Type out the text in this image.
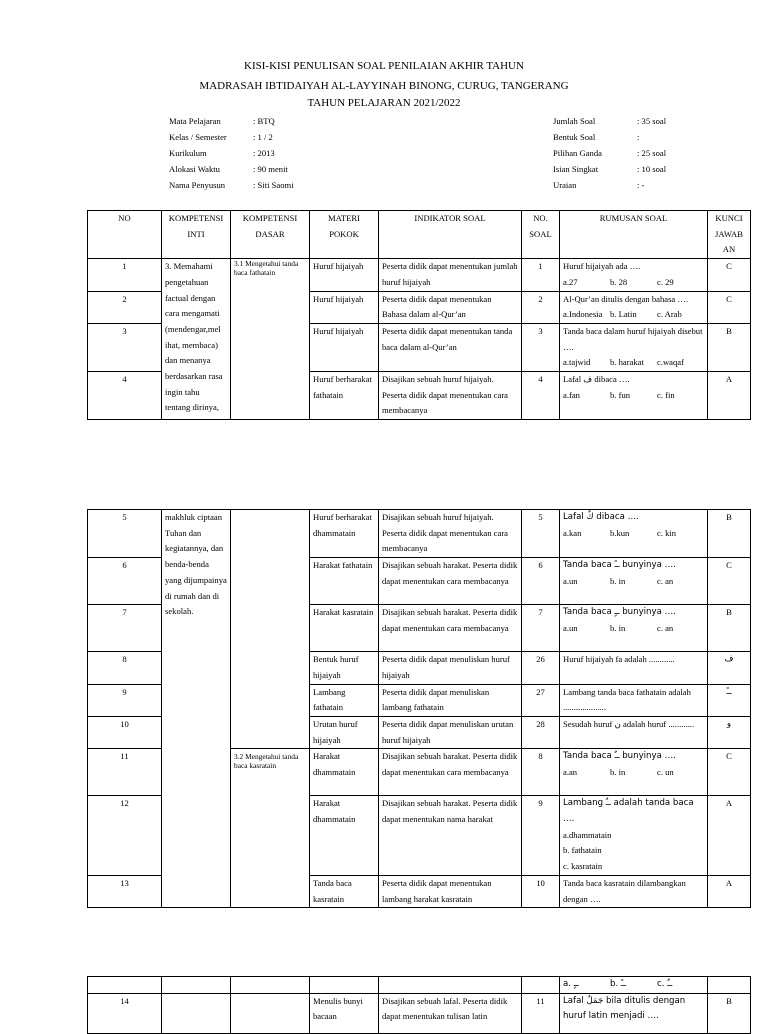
KISI-KISI PENULISAN SOAL PENILAIAN AKHIR TAHUN
MADRASAH IBTIDAIYAH AL-LAYYINAH BINONG, CURUG, TANGERANG
TAHUN PELAJARAN 2021/2022
Mata Pelajaran	: BTQ
Kelas / Semester	: 1 / 2
Kurikulum	: 2013
Alokasi Waktu	: 90 menit
Nama Penyusun	: Siti Saomi
Jumlah Soal	: 35 soal
Bentuk Soal	:
Pilihan Ganda	: 25 soal
Isian Singkat	: 10 soal
Uraian	: -
NO	KOMPETENSI INTI	KOMPETENSI DASAR	MATERI POKOK	INDIKATOR SOAL	NO. SOAL	RUMUSAN SOAL	KUNCI JAWAB AN
1	3. Memahami pengetahuan factual dengan cara mengamati (mendengar,mel ihat, membaca) dan menanya berdasarkan rasa ingin tahu tentang dirinya,	3.1 Mengetahui tanda baca fathatain	Huruf hijaiyah	Peserta didik dapat menentukan jumlah huruf hijaiyah	1	Huruf hijaiyah ada ….
a.27 b. 28 c. 29	C
2			Huruf hijaiyah	Peserta didik dapat menentukan Bahasa dalam al-Qur’an	2	Al-Qur’an ditulis dengan bahasa ….
a.Indonesia b. Latin c. Arab	C
3			Huruf hijaiyah	Peserta didik dapat menentukan tanda baca dalam al-Qur’an	3	Tanda baca dalam huruf hijaiyah disebut ….
a.tajwid b. harakat c.waqaf	B
4			Huruf berharakat fathatain	Disajikan sebuah huruf hijaiyah. Peserta didik dapat menentukan cara membacanya	4	Lafal ف dibaca ….
a.fan b. fun c. fin	A
5	makhluk ciptaan Tuhan dan kegiatannya, dan benda-benda yang dijumpainya di rumah dan di sekolah.		Huruf berharakat dhammatain	Disajikan sebuah huruf hijaiyah. Peserta didik dapat menentukan cara membacanya	5	Lafal كٌ dibaca ….
a.kan b.kun c. kin	B
6			Harakat fathatain	Disajikan sebuah harakat. Peserta didik dapat menentukan cara membacanya	6	Tanda baca ــً bunyinya ….
a.un b. in c. an	C
7			Harakat kasratain	Disajikan sebuah harakat. Peserta didik dapat menentukan cara membacanya	7	Tanda baca ــٍ bunyinya ….
a.un b. in c. an	B
8			Bentuk huruf hijaiyah	Peserta didik dapat menuliskan huruf hijaiyah	26	Huruf hijaiyah fa adalah ............	ف
9			Lambang fathatain	Peserta didik dapat menuliskan lambang fathatain	27	Lambang tanda baca fathatain adalah ....................	ــً
10			Urutan huruf hijaiyah	Peserta didik dapat menuliskan urutan huruf hijaiyah	28	Sesudah huruf ن adalah huruf ............	و
11		3.2 Mengetahui tanda baca kasratain	Harakat dhammatain	Disajikan sebuah harakat. Peserta didik dapat menentukan cara membacanya	8	Tanda baca ــٌ bunyinya ….
a.an b. in c. un	C
12			Harakat dhammatain	Disajikan sebuah harakat. Peserta didik dapat menentukan nama harakat	9	Lambang ــٌ adalah tanda baca ….
a.dhammatain
b. fathatain
c. kasratain	A
13			Tanda baca kasratain	Peserta didik dapat menentukan lambang harakat kasratain	10	Tanda baca kasratain dilambangkan dengan ….	A

						a. ــٍ b. ــً c. ــٌ	

14			Menulis bunyi bacaan	Disajikan sebuah lafal. Peserta didik dapat menentukan tulisan latin	11	Lafal جَمَلٌ bila ditulis dengan huruf latin menjadi ….	B
